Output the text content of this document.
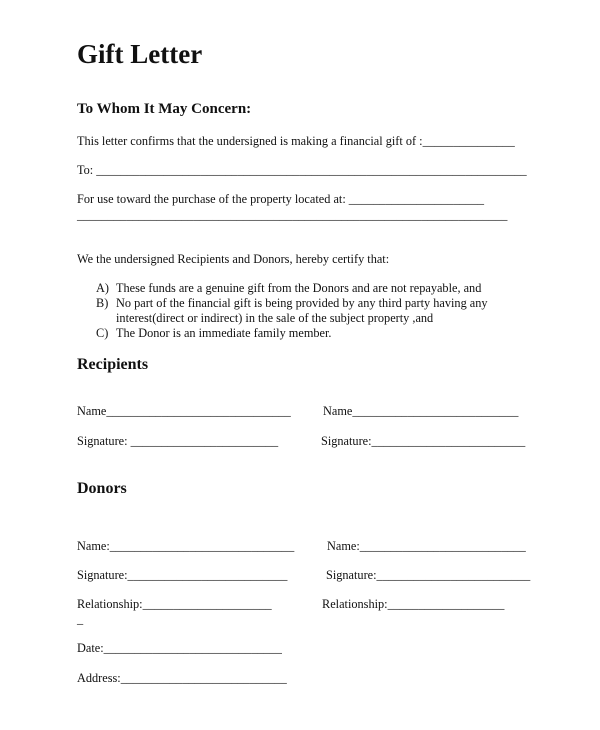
Gift Letter
To Whom It May Concern:
This letter confirms that the undersigned is making a financial gift of :_______________
To: ______________________________________________________________________
For use toward the purchase of the property located at: ______________________
______________________________________________________________________
We the undersigned Recipients and Donors, hereby certify that:
A) These funds are a genuine gift from the Donors and are not repayable, and
B) No part of the financial gift is being provided by any third party having any
interest(direct or indirect) in the sale of the subject property ,and
C) The Donor is an immediate family member.
Recipients
Name______________________________	Name___________________________
Signature: ________________________	Signature:_________________________
Donors
Name:______________________________	Name:___________________________
Signature:__________________________	Signature:_________________________
Relationship:_____________________	Relationship:___________________
_
Date:_____________________________
Address:___________________________
